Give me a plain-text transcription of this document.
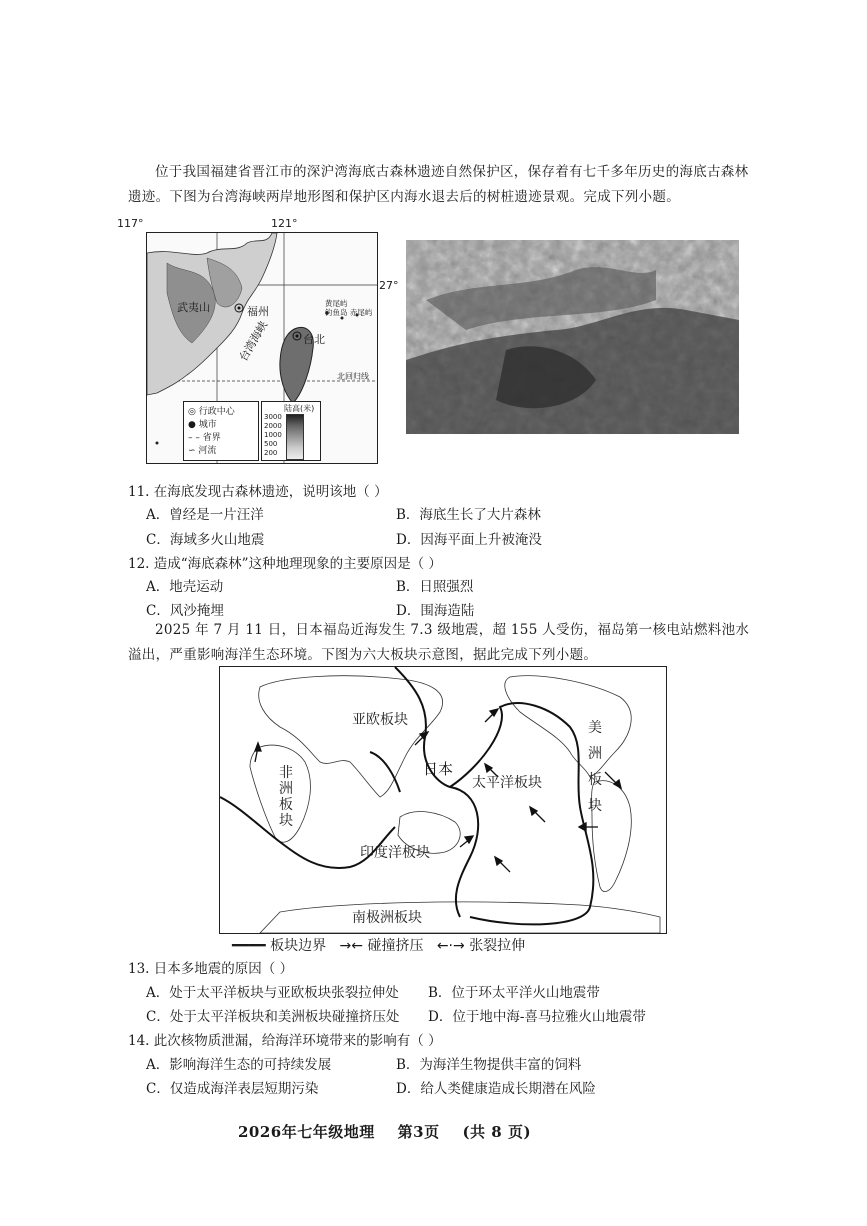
位于我国福建省晋江市的深沪湾海底古森林遗迹自然保护区，保存着有七千多年历史的海底古森林遗迹。下图为台湾海峡两岸地形图和保护区内海水退去后的树桩遗迹景观。完成下列小题。
117°	121°
27°
武夷山	福州
台湾海峡	台北
黄尾屿
钓鱼岛 赤尾屿
北回归线
◎ 行政中心
● 城市
– – 省界
∽ 河流
陆高(米)
3000
2000
1000
500
200
11. 在海底发现古森林遗迹，说明该地（ ）
A．曾经是一片汪洋	B．海底生长了大片森林
C．海域多火山地震	D．因海平面上升被淹没
12. 造成“海底森林”这种地理现象的主要原因是（ ）
A．地壳运动	B．日照强烈
C．风沙掩埋	D．围海造陆
2025 年 7 月 11 日，日本福岛近海发生 7.3 级地震，超 155 人受伤，福岛第一核电站燃料池水溢出，严重影响海洋生态环境。下图为六大板块示意图，据此完成下列小题。
亚欧板块
非洲板块
太平洋板块
印度洋板块
南极洲板块
美洲板块
日本
━━━━ 板块边界 →← 碰撞挤压 ←·→ 张裂拉伸
13. 日本多地震的原因（ ）
A．处于太平洋板块与亚欧板块张裂拉伸处 B．位于环太平洋火山地震带
C．处于太平洋板块和美洲板块碰撞挤压处 D．位于地中海-喜马拉雅火山地震带
14. 此次核物质泄漏，给海洋环境带来的影响有（ ）
A．影响海洋生态的可持续发展	B．为海洋生物提供丰富的饲料
C．仅造成海洋表层短期污染	D．给人类健康造成长期潜在风险
2026年七年级地理    第3页    (共 8 页)
